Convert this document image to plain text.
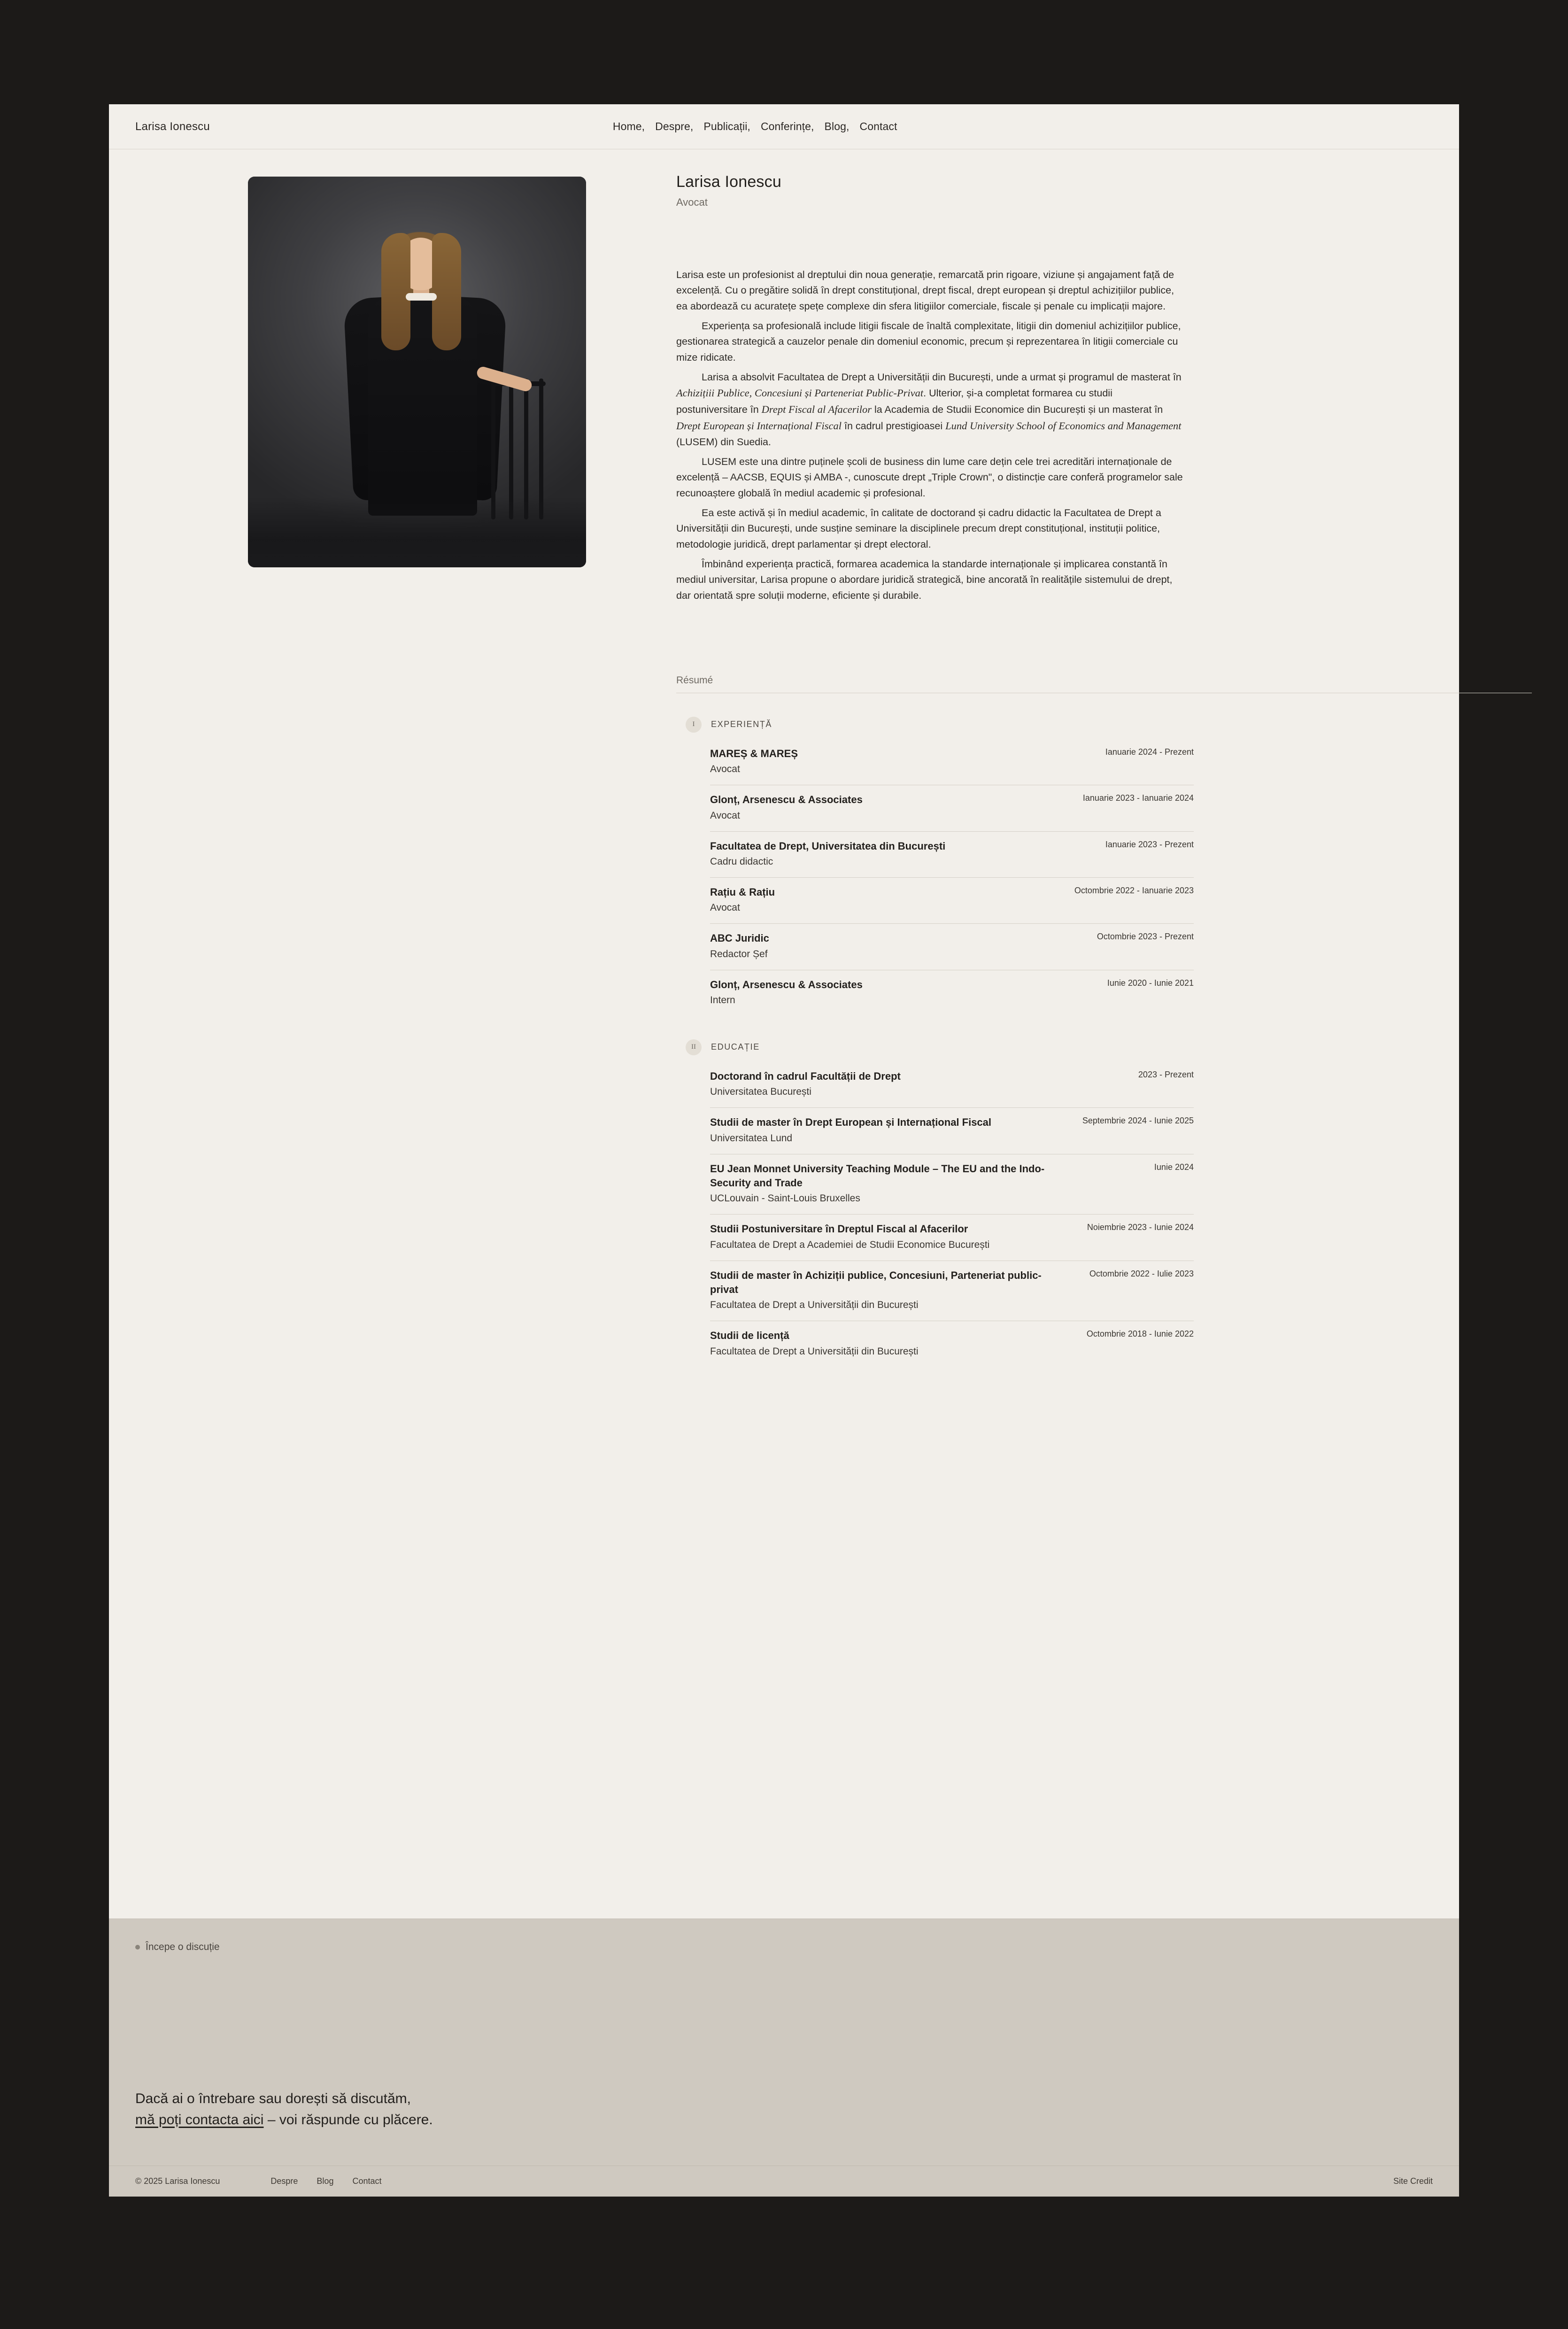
Larisa Ionescu	Home, Despre, Publicații, Conferințe, Blog, Contact
Larisa Ionescu
Avocat

Larisa este un profesionist al dreptului din noua generație, remarcată prin rigoare, viziune și angajament față de excelență. Cu o pregătire solidă în drept constituțional, drept fiscal, drept european și dreptul achizițiilor publice, ea abordează cu acuratețe spețe complexe din sfera litigiilor comerciale, fiscale și penale cu implicații majore.

Experiența sa profesională include litigii fiscale de înaltă complexitate, litigii din domeniul achizițiilor publice, gestionarea strategică a cauzelor penale din domeniul economic, precum și reprezentarea în litigii comerciale cu mize ridicate.

Larisa a absolvit Facultatea de Drept a Universității din București, unde a urmat și programul de masterat în Achizițiii Publice, Concesiuni și Parteneriat Public-Privat. Ulterior, și-a completat formarea cu studii postuniversitare în Drept Fiscal al Afacerilor la Academia de Studii Economice din București și un masterat în Drept European și Internațional Fiscal în cadrul prestigioasei Lund University School of Economics and Management (LUSEM) din Suedia.

LUSEM este una dintre puținele școli de business din lume care dețin cele trei acreditări internaționale de excelență – AACSB, EQUIS și AMBA -, cunoscute drept „Triple Crown", o distincție care conferă programelor sale recunoaștere globală în mediul academic și profesional.

Ea este activă și în mediul academic, în calitate de doctorand și cadru didactic la Facultatea de Drept a Universității din București, unde susține seminare la disciplinele precum drept constituțional, instituții politice, metodologie juridică, drept parlamentar și drept electoral.

Îmbinând experiența practică, formarea academica la standarde internaționale și implicarea constantă în mediul universitar, Larisa propune o abordare juridică strategică, bine ancorată în realitățile sistemului de drept, dar orientată spre soluții moderne, eficiente și durabile.

Résumé
I	EXPERIENȚĂ
MAREȘ & MAREȘ
Avocat
Ianuarie 2024 - Prezent
Glonț, Arsenescu & Associates
Avocat
Ianuarie 2023 - Ianuarie 2024
Facultatea de Drept, Universitatea din București
Cadru didactic
Ianuarie 2023 - Prezent
Rațiu & Rațiu
Avocat
Octombrie 2022 - Ianuarie 2023
ABC Juridic
Redactor Șef
Octombrie 2023 - Prezent
Glonț, Arsenescu & Associates
Intern
Iunie 2020 - Iunie 2021
II	EDUCAȚIE
Doctorand în cadrul Facultății de Drept
Universitatea București
2023 - Prezent
Studii de master în Drept European și Internațional Fiscal
Universitatea Lund
Septembrie 2024 - Iunie 2025
EU Jean Monnet University Teaching Module – The EU and the Indo-Security and Trade
UCLouvain - Saint-Louis Bruxelles
Iunie 2024
Studii Postuniversitare în Dreptul Fiscal al Afacerilor
Facultatea de Drept a Academiei de Studii Economice București
Noiembrie 2023 - Iunie 2024
Studii de master în Achiziții publice, Concesiuni, Parteneriat public-privat
Facultatea de Drept a Universității din București
Octombrie 2022 - Iulie 2023
Studii de licență
Facultatea de Drept a Universității din București
Octombrie 2018 - Iunie 2022
Începe o discuție
Dacă ai o întrebare sau dorești să discutăm,
mă poți contacta aici – voi răspunde cu plăcere.
© 2025 Larisa Ionescu	Despre Blog Contact	Site Credit
